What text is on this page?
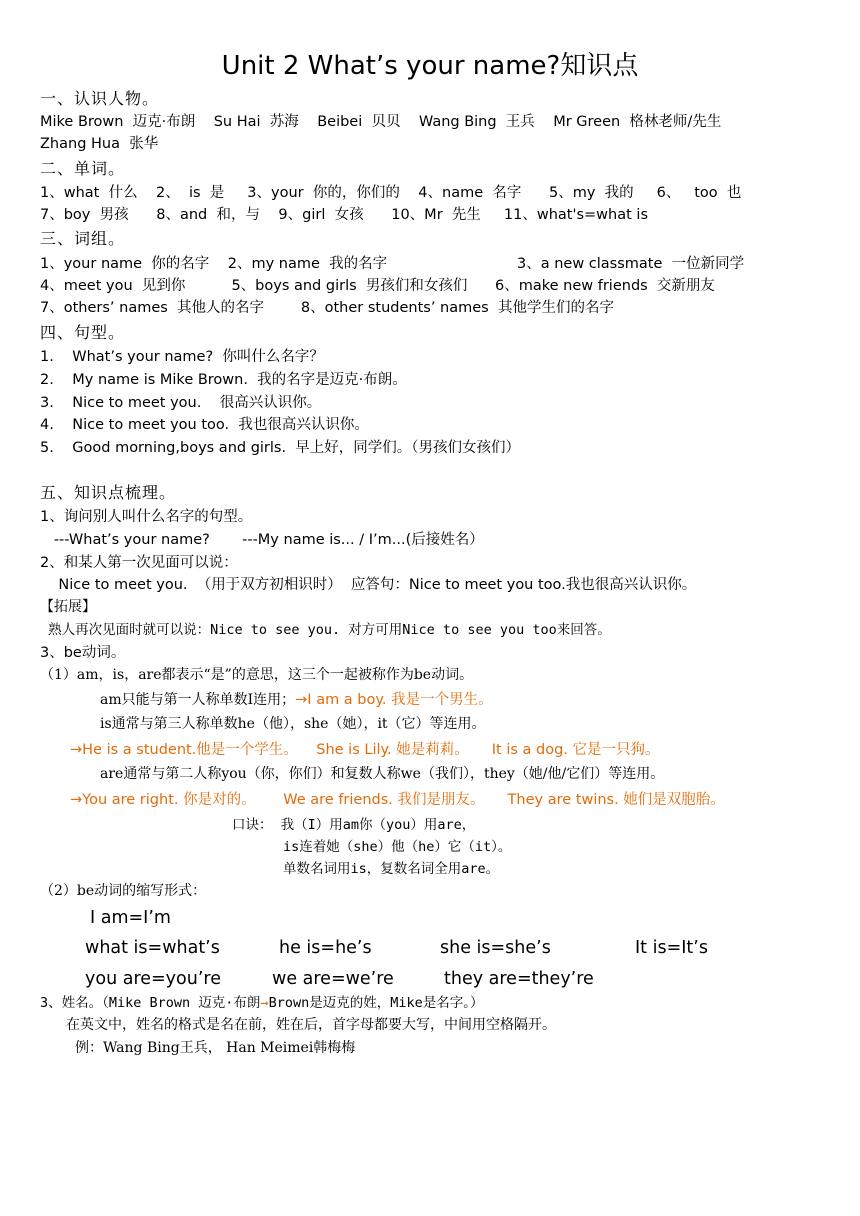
Unit 2 What’s your name?知识点
一、认识人物。
Mike Brown  迈克·布朗    Su Hai  苏海    Beibei  贝贝    Wang Bing  王兵    Mr Green  格林老师/先生
Zhang Hua  张华
二、单词。
1、what  什么    2、  is  是     3、your  你的，你们的    4、name  名字      5、my  我的     6、   too  也
7、boy  男孩      8、and  和，与    9、girl  女孩      10、Mr  先生     11、what's=what is
三、词组。
1、your name  你的名字    2、my name  我的名字	3、a new classmate  一位新同学
4、meet you  见到你          5、boys and girls  男孩们和女孩们      6、make new friends  交新朋友
7、others’ names  其他人的名字        8、other students’ names  其他学生们的名字
四、句型。
1.    What’s your name?  你叫什么名字？
2.    My name is Mike Brown.  我的名字是迈克·布朗。
3.    Nice to meet you.    很高兴认识你。
4.    Nice to meet you too.  我也很高兴认识你。
5.    Good morning,boys and girls.  早上好，同学们。（男孩们女孩们）
五、知识点梳理。
1、询问别人叫什么名字的句型。
---What’s your name?       ---My name is... / I’m...(后接姓名）
2、和某人第一次见面可以说：
Nice to meet you.  （用于双方初相识时）  应答句：Nice to meet you too.我也很高兴认识你。
【拓展】
熟人再次见面时就可以说：Nice to see you. 对方可用Nice to see you too来回答。
3、be动词。
（1）am，is，are都表示“是”的意思，这三个一起被称作为be动词。
am只能与第一人称单数I连用；→I am a boy. 我是一个男生。
is通常与第三人称单数he（他），she（她），it（它）等连用。
→He is a student.他是一个学生。    She is Lily. 她是莉莉。     It is a dog. 它是一只狗。
are通常与第二人称you（你，你们）和复数人称we（我们），they（她/他/它们）等连用。
→You are right. 你是对的。      We are friends. 我们是朋友。     They are twins. 她们是双胞胎。
口诀： 我（I）用am你（you）用are，
is连着她（she）他（he）它（it）。
单数名词用is，复数名词全用are。
（2）be动词的缩写形式：
I am=I’m
what is=what’s	he is=he’s	she is=she’s	It is=It’s
you are=you’re	we are=we’re	they are=they’re
3、姓名。（Mike Brown 迈克·布朗→Brown是迈克的姓，Mike是名字。）
在英文中，姓名的格式是名在前，姓在后，首字母都要大写，中间用空格隔开。
例：Wang Bing王兵， Han Meimei韩梅梅
